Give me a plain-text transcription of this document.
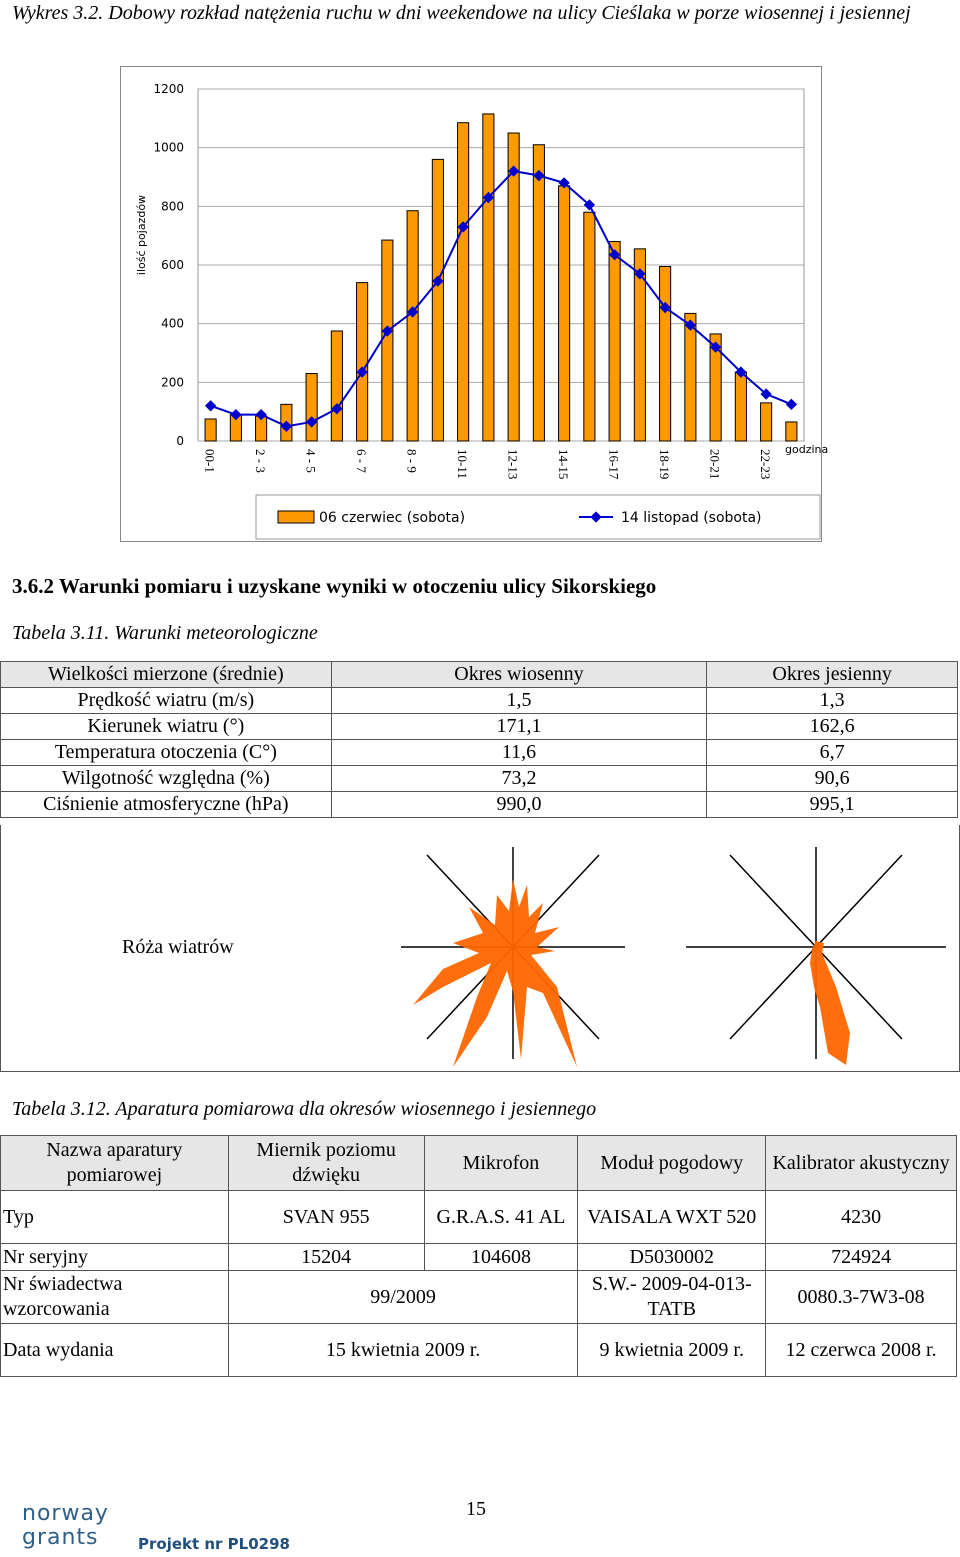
Wykres 3.2. Dobowy rozkład natężenia ruchu w dni weekendowe na ulicy Cieślaka w porze wiosennej i jesiennej
0
200
400
600
800
1000
1200
ilość pojazdów
00-1	2 - 3	4 - 5	6 - 7	8 - 9	10-11	12-13	14-15	16-17	18-19	20-21	22-23 godzina
06 czerwiec (sobota)	14 listopad (sobota)
3.6.2 Warunki pomiaru i uzyskane wyniki w otoczeniu ulicy Sikorskiego
Tabela 3.11. Warunki meteorologiczne
Wielkości mierzone (średnie)	Okres wiosenny	Okres jesienny
Prędkość wiatru (m/s)	1,5	1,3
Kierunek wiatru (°)	171,1	162,6
Temperatura otoczenia (C°)	11,6	6,7
Wilgotność względna (%)	73,2	90,6
Ciśnienie atmosferyczne (hPa)	990,0	995,1
Róża wiatrów
Tabela 3.12. Aparatura pomiarowa dla okresów wiosennego i jesiennego
Nazwa aparatury pomiarowej	Miernik poziomu dźwięku	Mikrofon	Moduł pogodowy	Kalibrator akustyczny
Typ	SVAN 955	G.R.A.S. 41 AL	VAISALA WXT 520	4230
Nr seryjny	15204	104608	D5030002	724924
Nr świadectwa wzorcowania	99/2009		S.W.- 2009-04-013-TATB	0080.3-7W3-08
Data wydania	15 kwietnia 2009 r.		9 kwietnia 2009 r.	12 czerwca 2008 r.
norway
grants	Projekt nr PL0298
15
